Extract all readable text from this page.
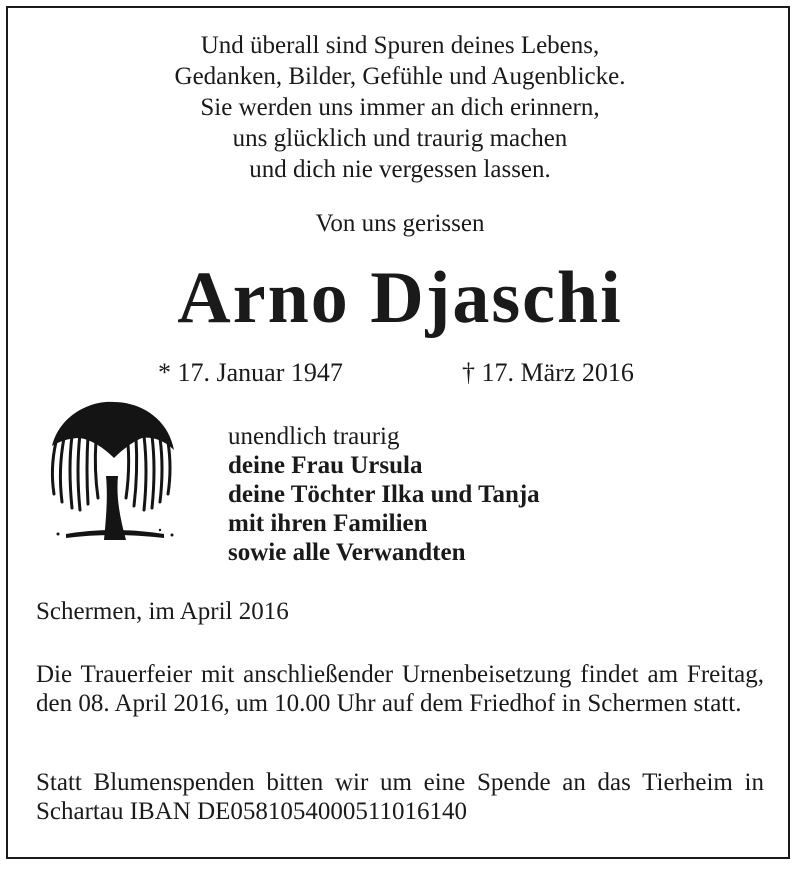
Und überall sind Spuren deines Lebens,
Gedanken, Bilder, Gefühle und Augenblicke.
Sie werden uns immer an dich erinnern,
uns glücklich und traurig machen
und dich nie vergessen lassen.
Von uns gerissen
Arno Djaschi
* 17. Januar 1947	† 17. März 2016
unendlich traurig
deine Frau Ursula
deine Töchter Ilka und Tanja
mit ihren Familien
sowie alle Verwandten
Schermen, im April 2016
Die Trauerfeier mit anschließender Urnenbeisetzung findet am Freitag, den 08. April 2016, um 10.00 Uhr auf dem Friedhof in Schermen statt.
Statt Blumenspenden bitten wir um eine Spende an das Tierheim in Schartau IBAN DE05810540005110161​40
